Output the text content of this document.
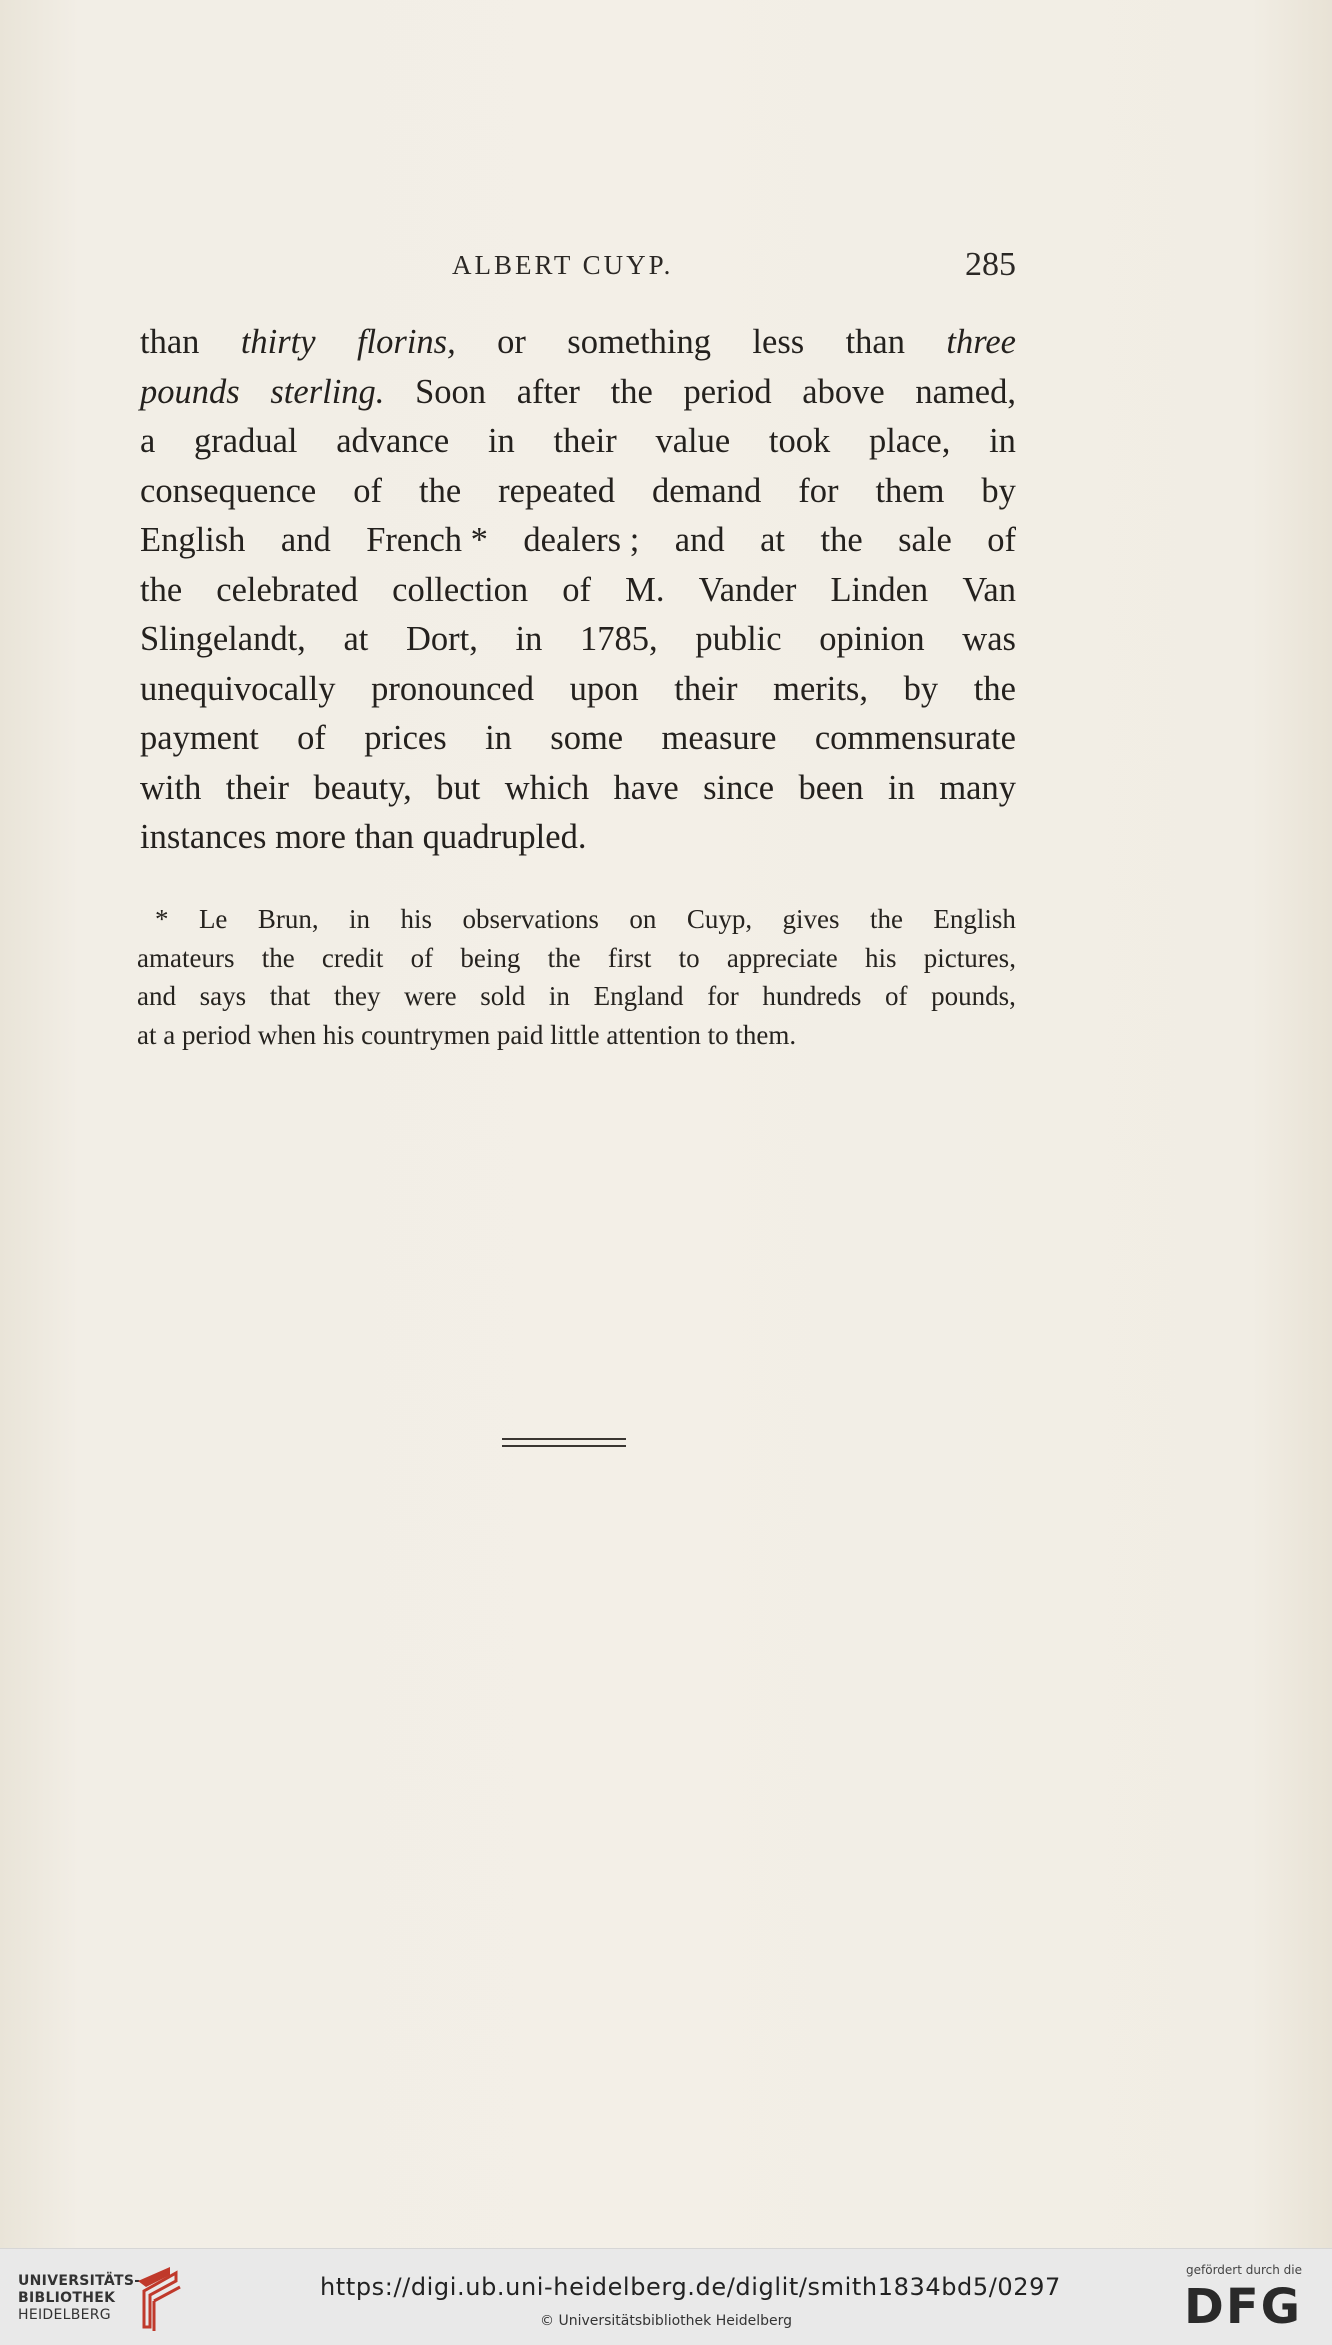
ALBERT CUYP.	285
than thirty florins, or something less than three
pounds sterling. Soon after the period above named,
a gradual advance in their value took place, in
consequence of the repeated demand for them by
English and French * dealers ; and at the sale of
the celebrated collection of M. Vander Linden Van
Slingelandt, at Dort, in 1785, public opinion was
unequivocally pronounced upon their merits, by the
payment of prices in some measure commensurate
with their beauty, but which have since been in many
instances more than quadrupled.
* Le Brun, in his observations on Cuyp, gives the English
amateurs the credit of being the first to appreciate his pictures,
and says that they were sold in England for hundreds of pounds,
at a period when his countrymen paid little attention to them.
UNIVERSITÄTS-
BIBLIOTHEK
HEIDELBERG
https://digi.ub.uni-heidelberg.de/diglit/smith1834bd5/0297
© Universitätsbibliothek Heidelberg
gefördert durch die
DFG
